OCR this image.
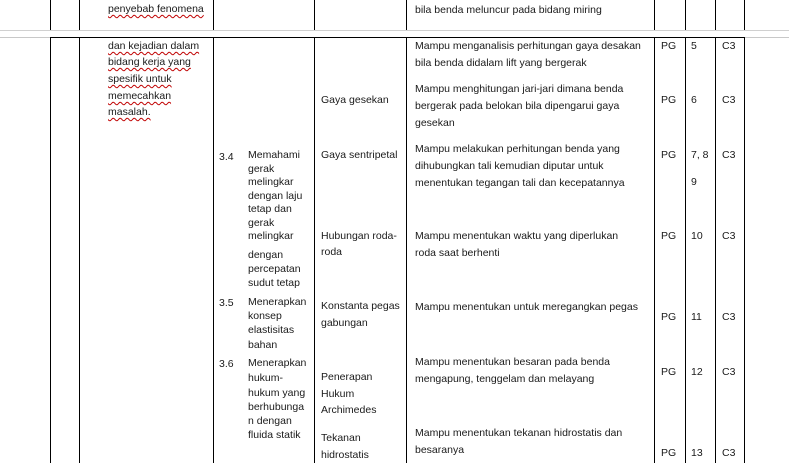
penyebab fenomena	bila benda meluncur pada bidang miring
dan kejadian dalam
bidang kerja yang
spesifik untuk
memecahkan
masalah.
3.4 Memahami
gerak
melingkar
dengan laju
tetap dan
gerak
melingkar
dengan
percepatan
sudut tetap
3.5 Menerapkan
konsep
elastisitas
bahan
3.6 Menerapkan
hukum-
hukum yang
berhubunga
n dengan
fluida statik
Mampu menganalisis perhitungan gaya desakan
bila benda didalam lift yang bergerak
PG 5 C3
Gaya gesekan
Mampu menghitungan jari-jari dimana benda
bergerak pada belokan bila dipengarui gaya
gesekan
PG 6 C3
Gaya sentripetal Mampu melakukan perhitungan benda yang
dihubungkan tali kemudian diputar untuk
menentukan tegangan tali dan kecepatannya
PG 7, 8
9
C3
Hubungan roda-
roda
Mampu menentukan waktu yang diperlukan
roda saat berhenti
PG 10 C3
Konstanta pegas
gabungan
Mampu menentukan untuk meregangkan pegas
PG 11 C3
Penerapan
Hukum
Archimedes
Mampu menentukan besaran pada benda
mengapung, tenggelam dan melayang
PG 12 C3
Tekanan
hidrostatis
Mampu menentukan tekanan hidrostatis dan
besaranya	PG 13 C3
